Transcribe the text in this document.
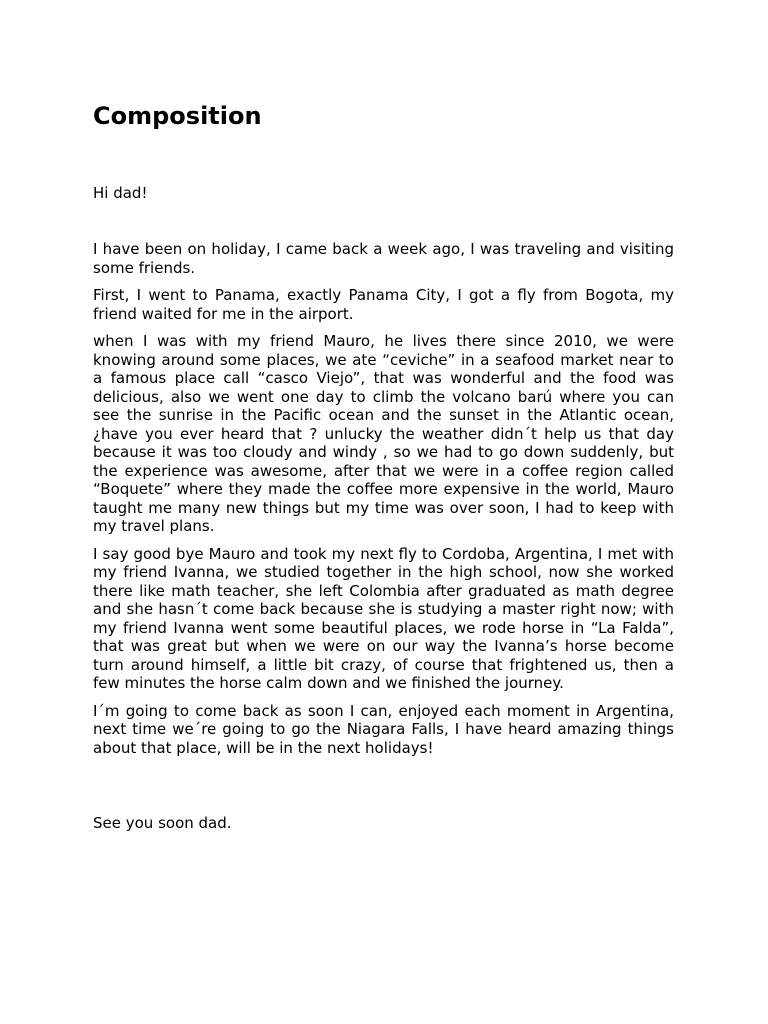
Composition

Hi dad!

I have been on holiday, I came back a week ago, I was traveling and visiting some friends.

First, I went to Panama, exactly Panama City, I got a fly from Bogota, my friend waited for me in the airport.

when I was with my friend Mauro, he lives there since 2010, we were knowing around some places, we ate “ceviche” in a seafood market near to a famous place call “casco Viejo”, that was wonderful and the food was delicious, also we went one day to climb the volcano barú where you can see the sunrise in the Pacific ocean and the sunset in the Atlantic ocean, ¿have you ever heard that ? unlucky the weather didn´t help us that day because it was too cloudy and windy , so we had to go down suddenly, but the experience was awesome, after that we were in a coffee region called “Boquete” where they made the coffee more expensive in the world, Mauro taught me many new things but my time was over soon, I had to keep with my travel plans.

I say good bye Mauro and took my next fly to Cordoba, Argentina, I met with my friend Ivanna, we studied together in the high school, now she worked there like math teacher, she left Colombia after graduated as math degree and she hasn´t come back because she is studying a master right now; with my friend Ivanna went some beautiful places, we rode horse in “La Falda”, that was great but when we were on our way the Ivanna’s horse become turn around himself, a little bit crazy, of course that frightened us, then a few minutes the horse calm down and we finished the journey.

I´m going to come back as soon I can, enjoyed each moment in Argentina, next time we´re going to go the Niagara Falls, I have heard amazing things about that place, will be in the next holidays!

See you soon dad.
